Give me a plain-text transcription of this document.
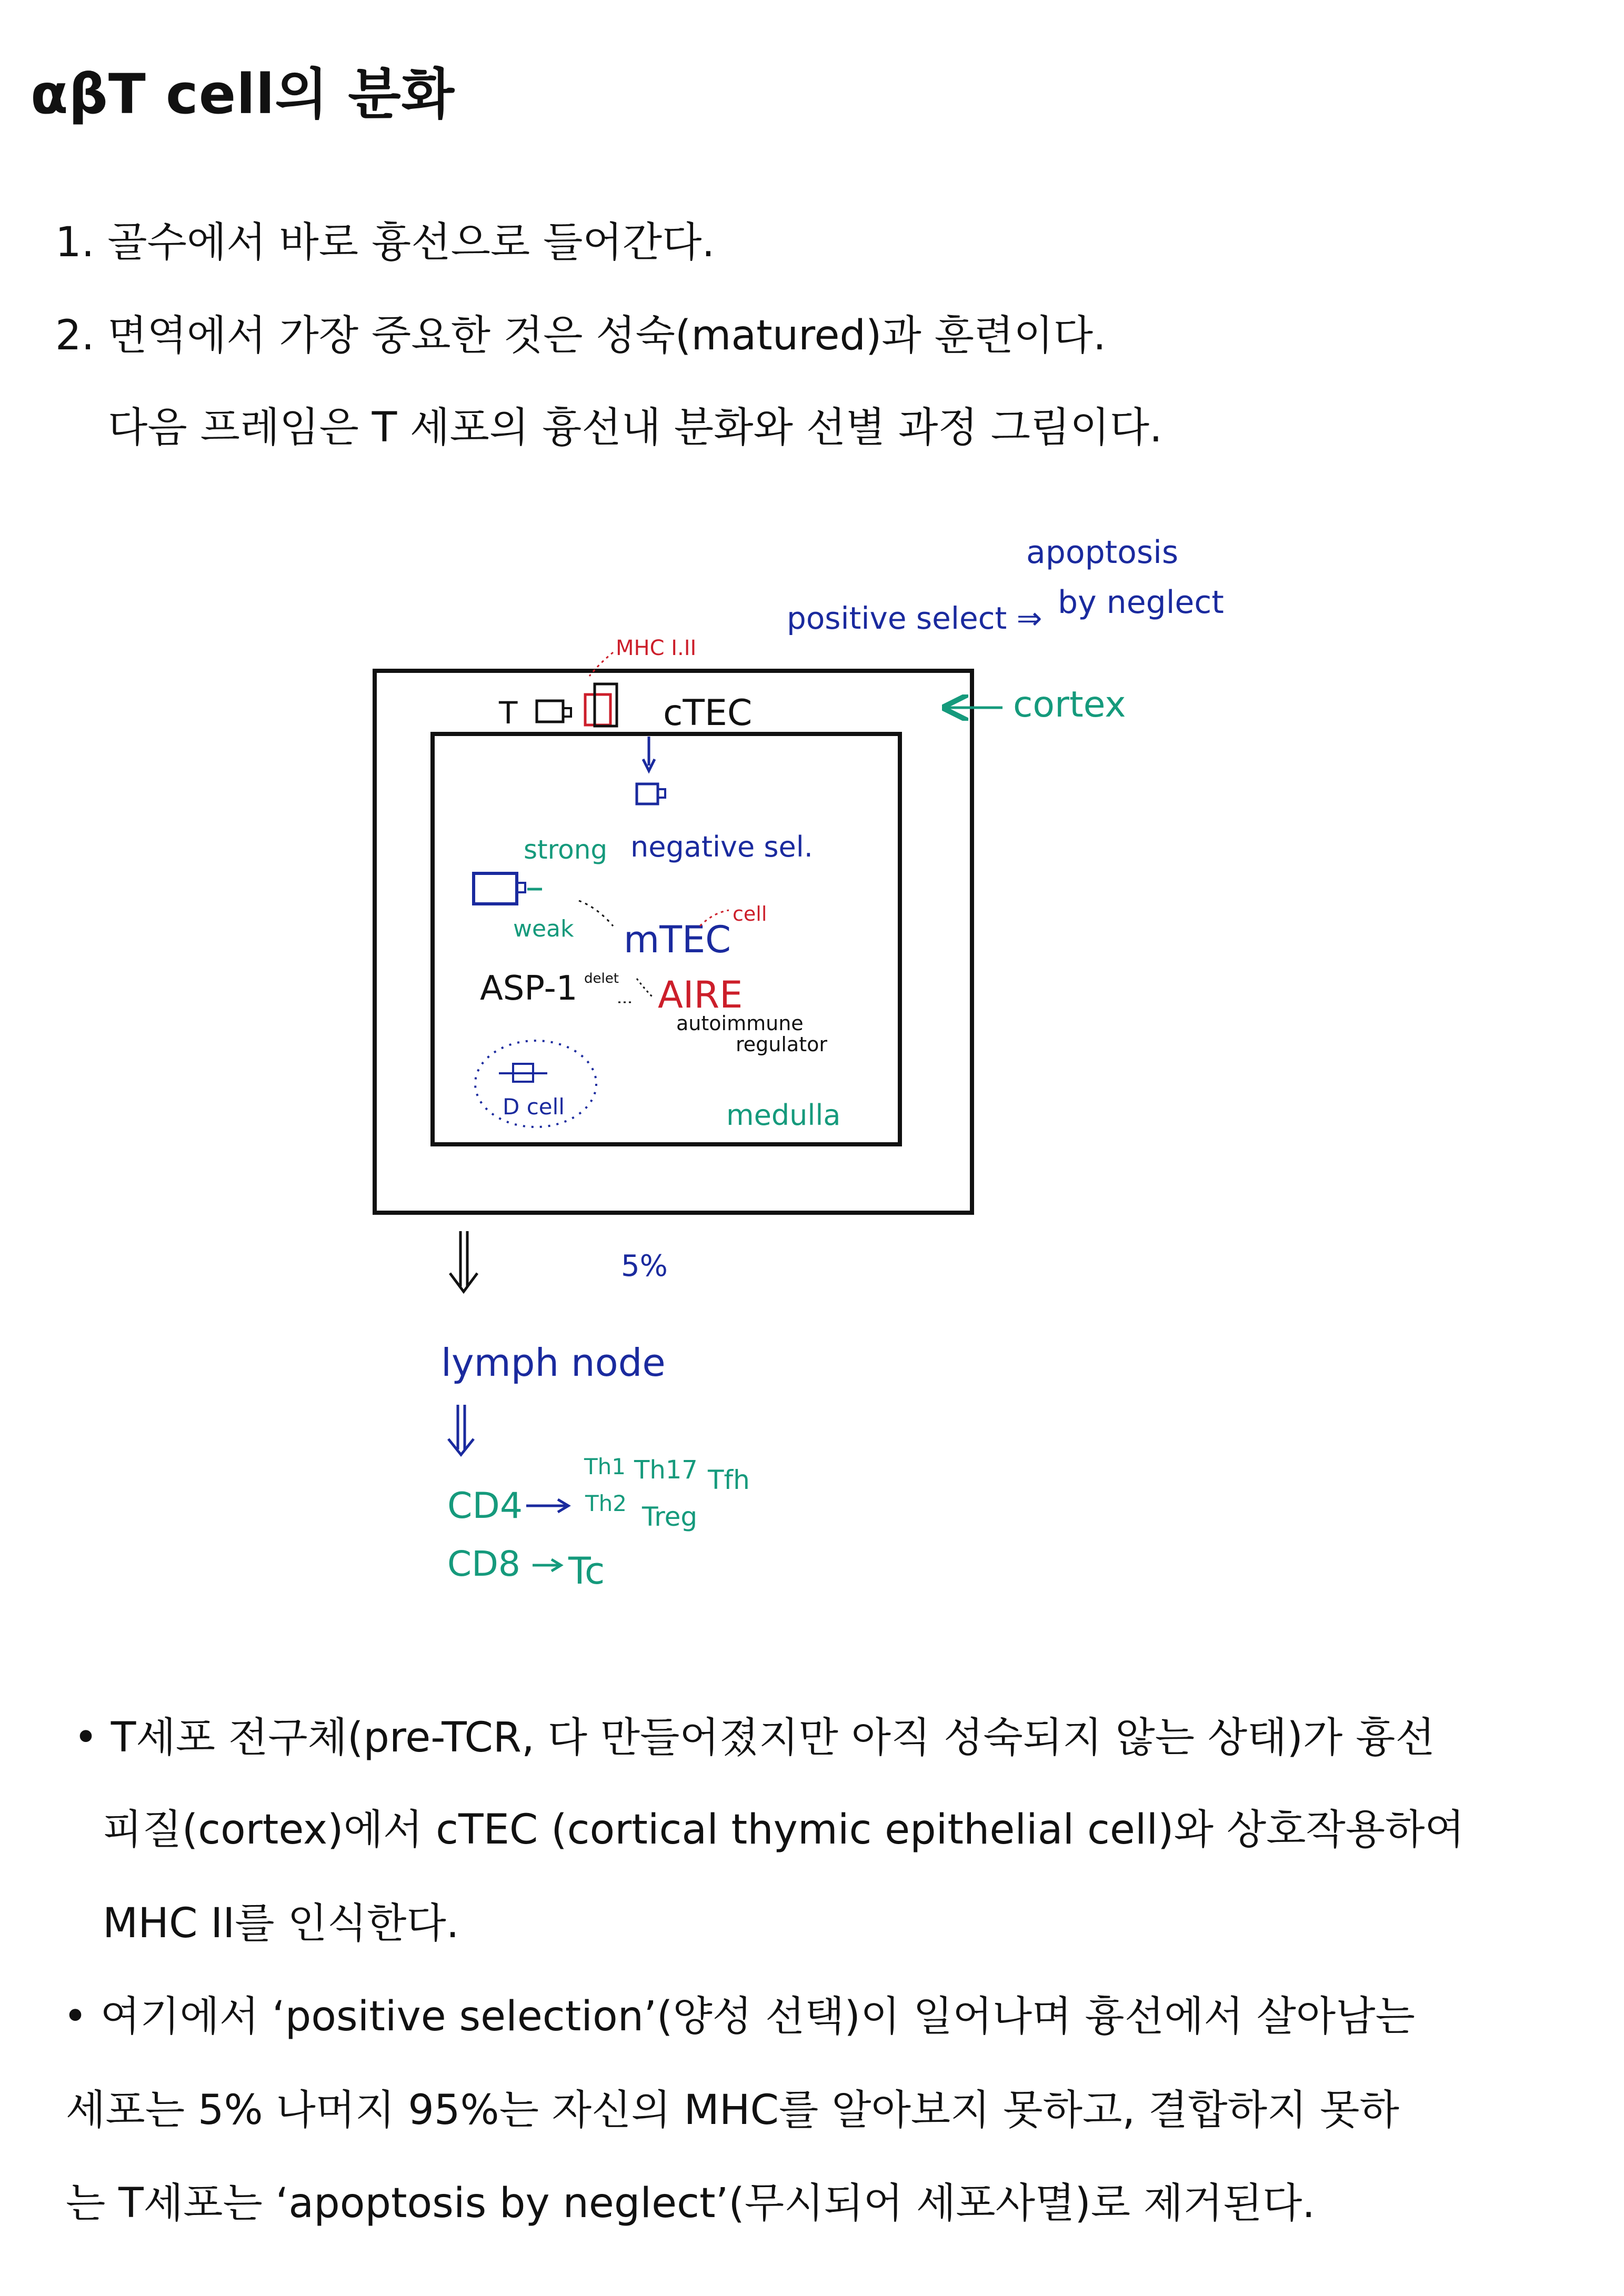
αβT cell의 분화
1. 골수에서 바로 흉선으로 들어간다.
2. 면역에서 가장 중요한 것은 성숙(matured)과 훈련이다.
다음 프레임은 T 세포의 흉선내 분화와 선별 과정 그림이다.
apoptosis
by neglect
positive select ⇒
MHC I.II
T	cTEC	cortex
strong negative sel.
weak mTEC
cell
ASP-1 delet AIRE
autoimmune
regulator
D cell	medulla
5%
lymph node
CD4
Th1 Th17 Tfh
Th2 Treg
CD8 Tc
• T세포 전구체(pre-TCR, 다 만들어졌지만 아직 성숙되지 않는 상태)가 흉선
피질(cortex)에서 cTEC (cortical thymic epithelial cell)와 상호작용하여
MHC II를 인식한다.
• 여기에서 ‘positive selection’(양성 선택)이 일어나며 흉선에서 살아남는
세포는 5% 나머지 95%는 자신의 MHC를 알아보지 못하고, 결합하지 못하
는 T세포는 ‘apoptosis by neglect’(무시되어 세포사멸)로 제거된다.
